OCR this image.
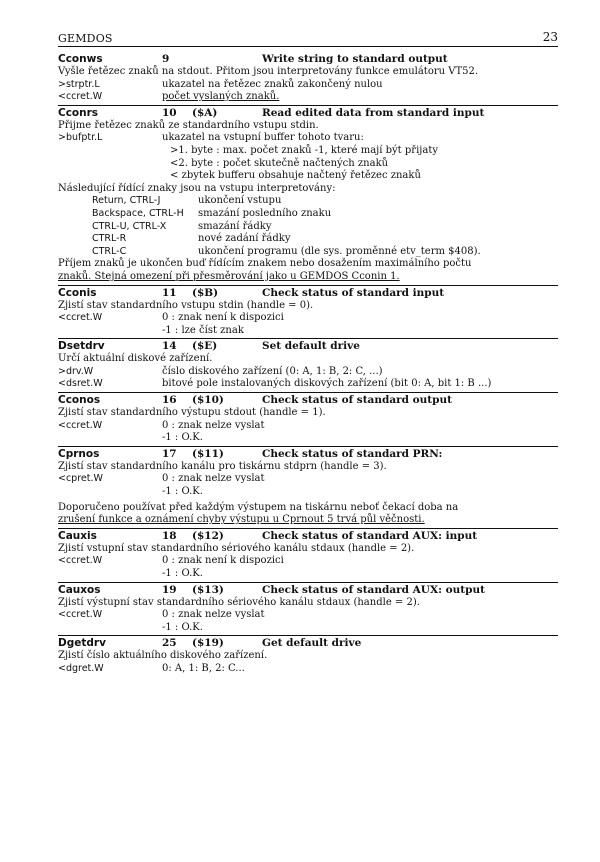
GEMDOS	23
Cconws	9	Write string to standard output
Vyšle řetězec znaků na stdout. Přitom jsou interpretovány funkce emulátoru VT52.
>strptr.L	ukazatel na řetězec znaků zakončený nulou
<ccret.W	počet vyslaných znaků.
Cconrs	10 ($A)	Read edited data from standard input
Přijme řetězec znaků ze standardního vstupu stdin.
>bufptr.L	ukazatel na vstupní buffer tohoto tvaru:
>1. byte : max. počet znaků -1, které mají být přijaty
<2. byte : počet skutečně načtených znaků
< zbytek bufferu obsahuje načtený řetězec znaků
Následující řídící znaky jsou na vstupu interpretovány:
Return, CTRL-J	ukončení vstupu
Backspace, CTRL-H smazání posledního znaku
CTRL-U, CTRL-X	smazání řádky
CTRL-R	nové zadání řádky
CTRL-C	ukončení programu (dle sys. proměnné etv_term $408).
Příjem znaků je ukončen buď řídícím znakem nebo dosažením maximálního počtu
znaků. Stejná omezení při přesměrování jako u GEMDOS Cconin 1.
Cconis	11 ($B)	Check status of standard input
Zjistí stav standardního vstupu stdin (handle = 0).
<ccret.W	0 : znak není k dispozici
-1 : lze číst znak
Dsetdrv	14 ($E)	Set default drive
Určí aktuální diskové zařízení.
>drv.W	číslo diskového zařízení (0: A, 1: B, 2: C, ...)
<dsret.W	bitové pole instalovaných diskových zařízení (bit 0: A, bit 1: B ...)
Cconos	16 ($10)	Check status of standard output
Zjistí stav standardního výstupu stdout (handle = 1).
<ccret.W	0 : znak nelze vyslat
-1 : O.K.
Cprnos	17 ($11)	Check status of standard PRN:
Zjistí stav standardního kanálu pro tiskárnu stdprn (handle = 3).
<cpret.W	0 : znak nelze vyslat
-1 : O.K.
Doporučeno používat před každým výstupem na tiskárnu neboť čekací doba na
zrušení funkce a oznámení chyby výstupu u Cprnout 5 trvá půl věčnosti.
Cauxis	18 ($12)	Check status of standard AUX: input
Zjistí vstupní stav standardního sériového kanálu stdaux (handle = 2).
<ccret.W	0 : znak není k dispozici
-1 : O.K.
Cauxos	19 ($13)	Check status of standard AUX: output
Zjistí výstupní stav standardního sériového kanálu stdaux (handle = 2).
<ccret.W	0 : znak nelze vyslat
-1 : O.K.
Dgetdrv	25 ($19)	Get default drive
Zjistí číslo aktuálního diskového zařízení.
<dgret.W	0: A, 1: B, 2: C...
